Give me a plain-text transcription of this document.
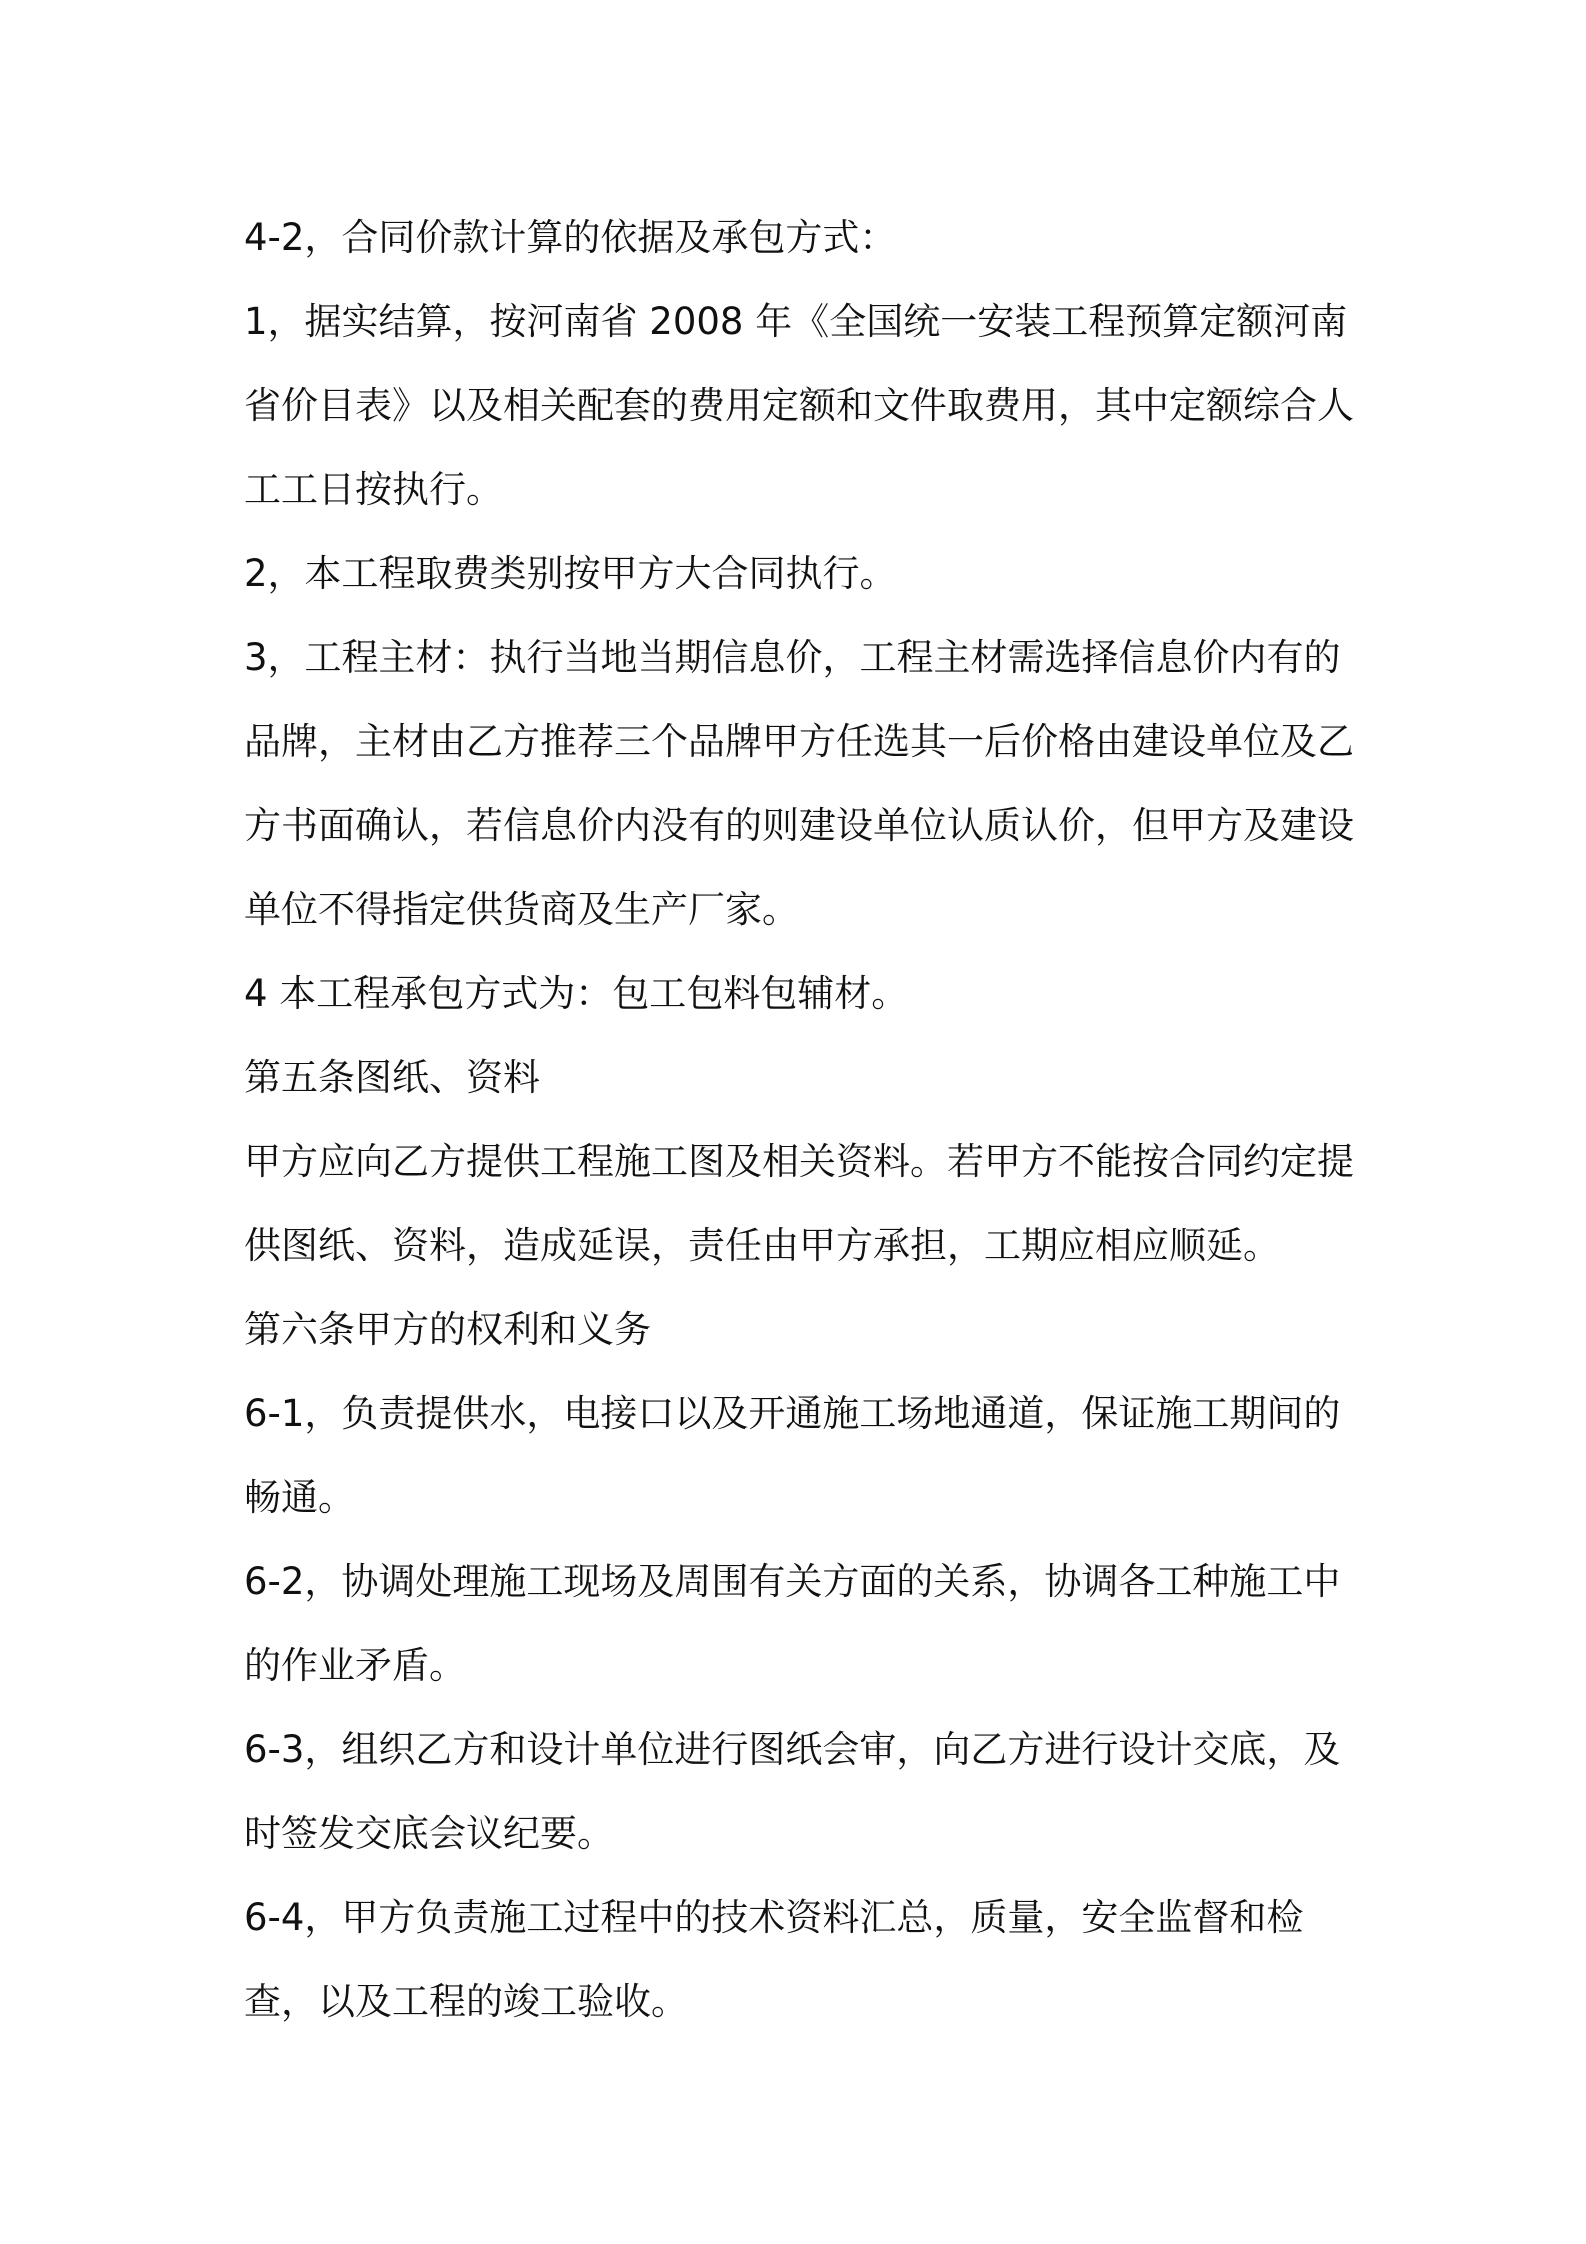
4-2，合同价款计算的依据及承包方式：

1，据实结算，按河南省 2008 年《全国统一安装工程预算定额河南省价目表》以及相关配套的费用定额和文件取费用，其中定额综合人工工日按执行。

2，本工程取费类别按甲方大合同执行。

3，工程主材：执行当地当期信息价，工程主材需选择信息价内有的品牌，主材由乙方推荐三个品牌甲方任选其一后价格由建设单位及乙方书面确认，若信息价内没有的则建设单位认质认价，但甲方及建设单位不得指定供货商及生产厂家。

4 本工程承包方式为：包工包料包辅材。

第五条图纸、资料

甲方应向乙方提供工程施工图及相关资料。若甲方不能按合同约定提供图纸、资料，造成延误，责任由甲方承担，工期应相应顺延。

第六条甲方的权利和义务

6-1，负责提供水，电接口以及开通施工场地通道，保证施工期间的畅通。

6-2，协调处理施工现场及周围有关方面的关系，协调各工种施工中的作业矛盾。

6-3，组织乙方和设计单位进行图纸会审，向乙方进行设计交底，及时签发交底会议纪要。

6-4，甲方负责施工过程中的技术资料汇总，质量，安全监督和检查，以及工程的竣工验收。
